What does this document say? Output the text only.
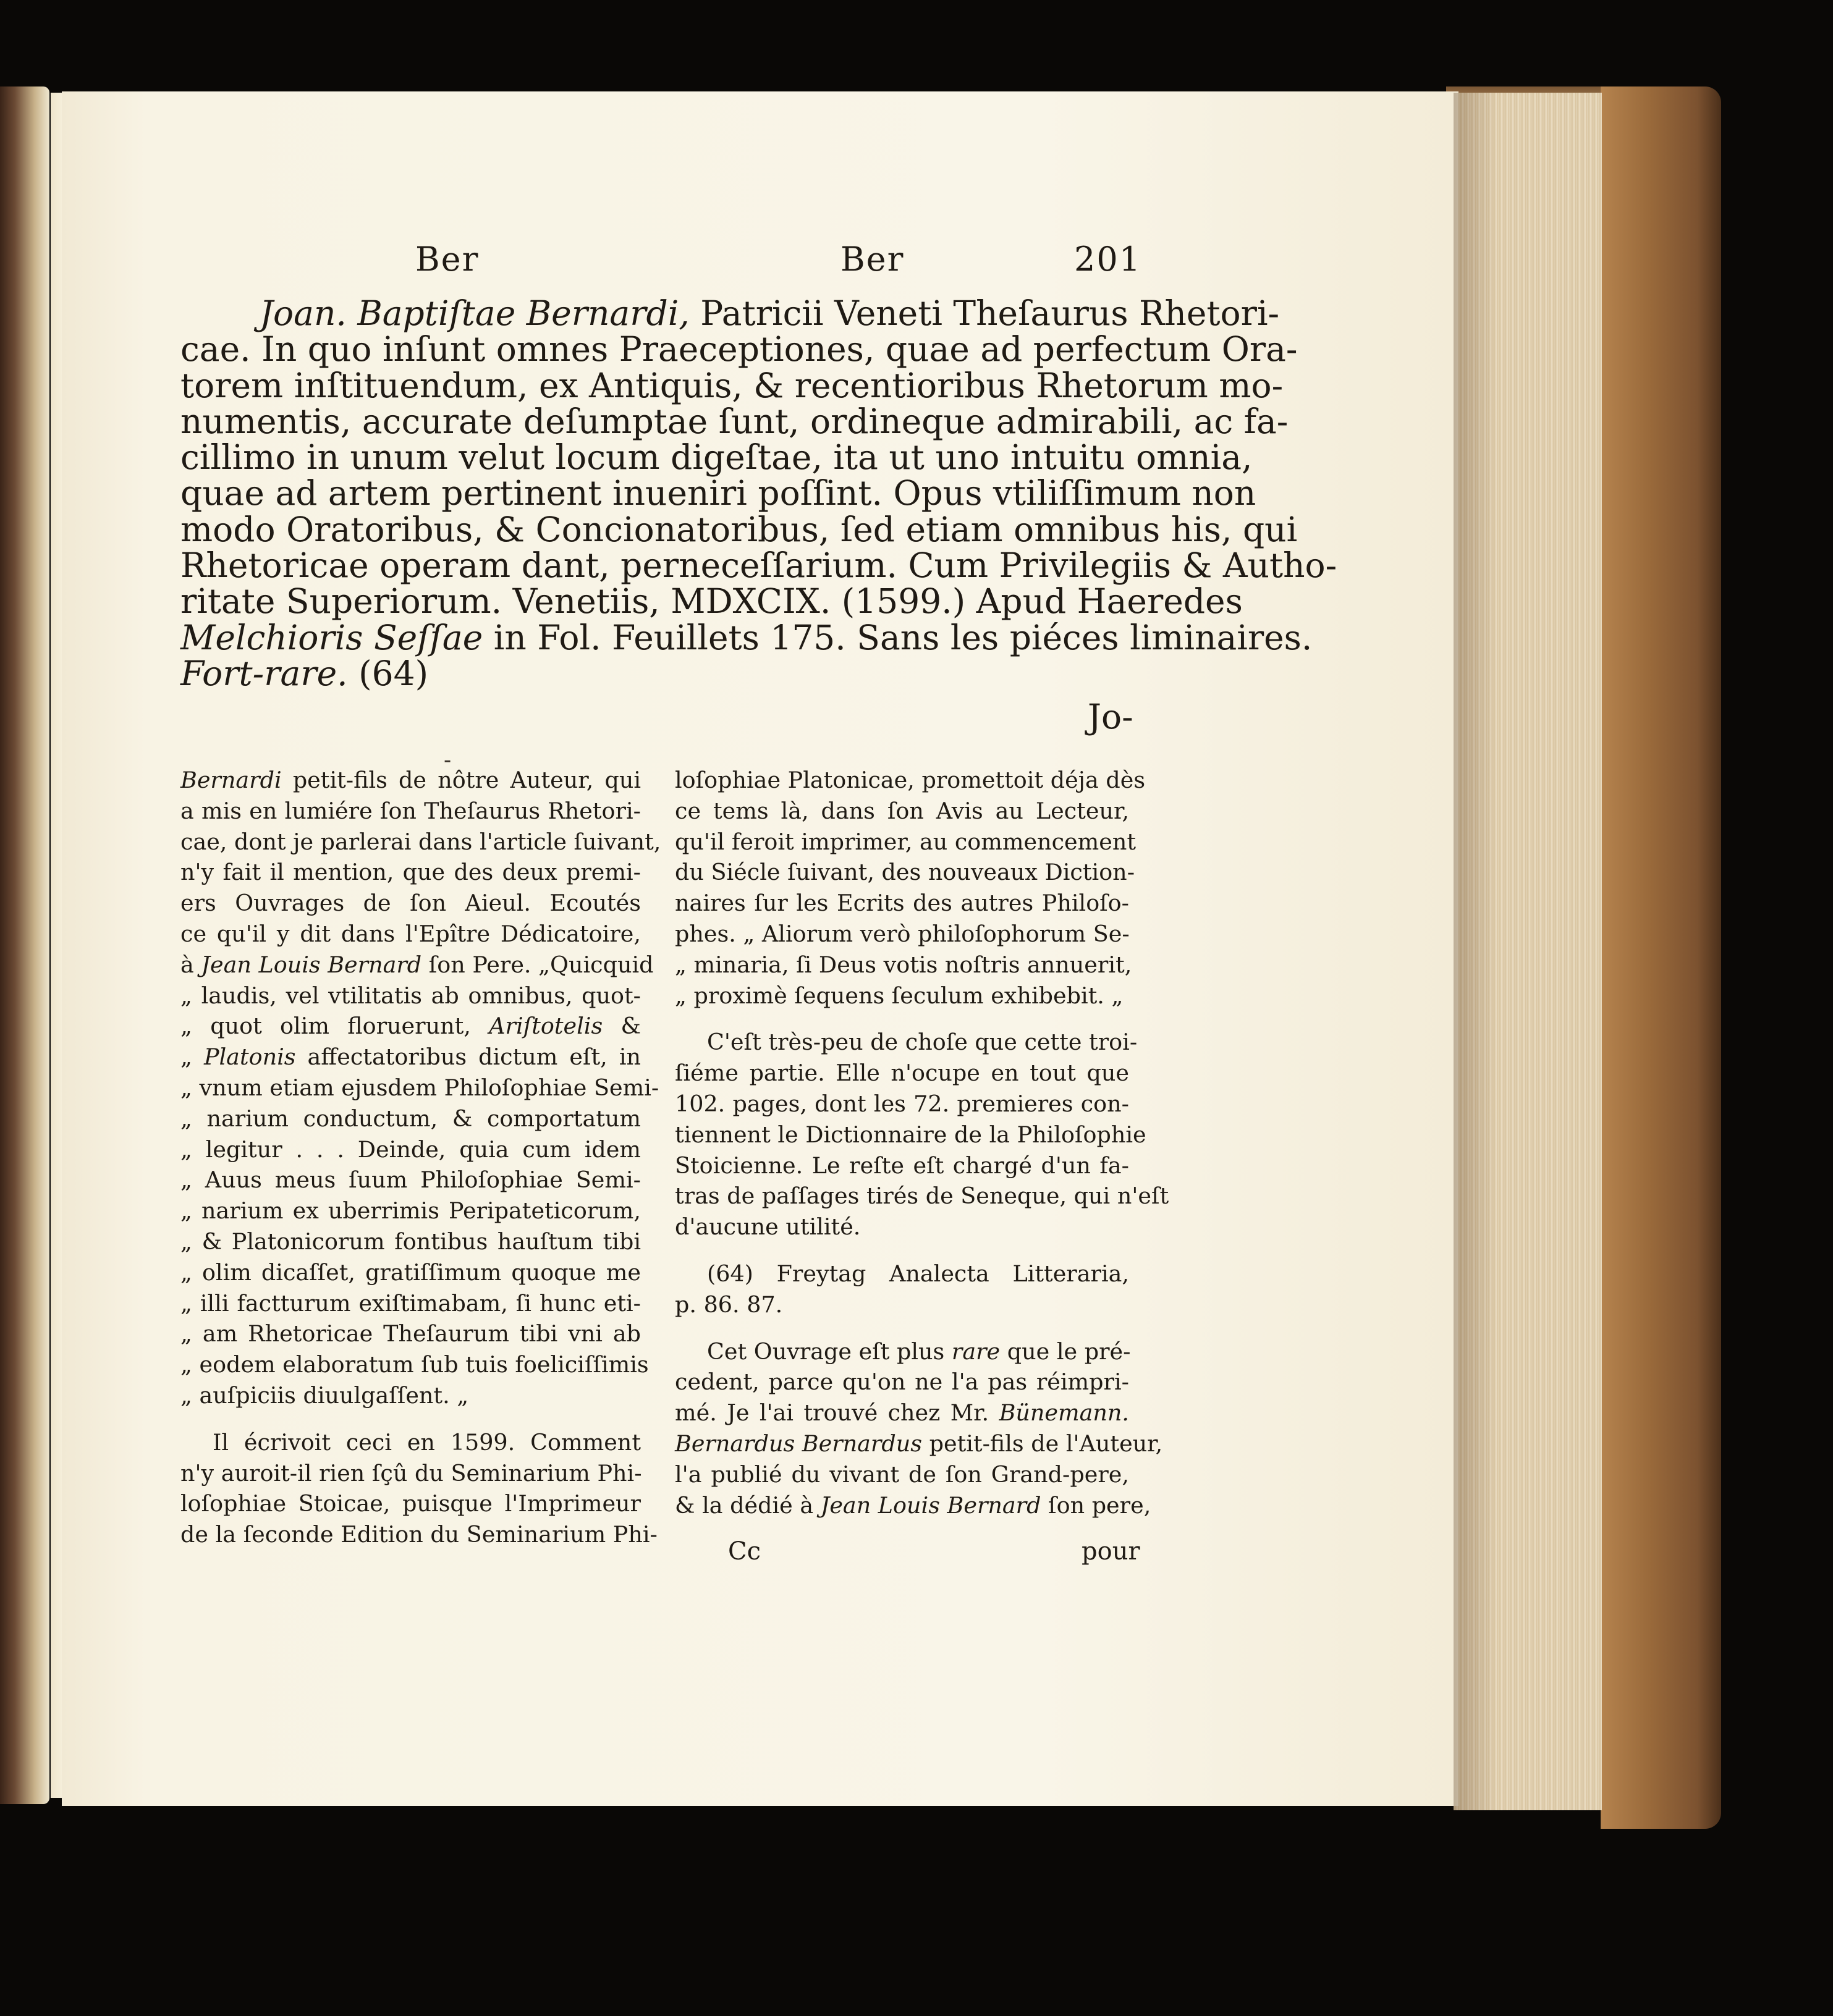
Ber	Ber	201
Joan. Baptiſtae Bernardi, Patricii Veneti Theſaurus Rhetori-
cae. In quo inſunt omnes Praeceptiones, quae ad perfectum Ora-
torem inſtituendum, ex Antiquis, & recentioribus Rhetorum mo-
numentis, accurate deſumptae ſunt, ordineque admirabili, ac fa-
cillimo in unum velut locum digeſtae, ita ut uno intuitu omnia,
quae ad artem pertinent inueniri poſſint. Opus vtiliſſimum non
modo Oratoribus, & Concionatoribus, ſed etiam omnibus his, qui
Rhetoricae operam dant, perneceſſarium. Cum Privilegiis & Autho-
ritate Superiorum. Venetiis, MDXCIX. (1599.) Apud Haeredes
Melchioris Seſſae in Fol. Feuillets 175. Sans les piéces liminaires.
Fort-rare. (64)
Jo-
-
Bernardi petit-fils de nôtre Auteur, qui
a mis en lumiére ſon Theſaurus Rhetori-
cae, dont je parlerai dans l'article ſuivant,
n'y fait il mention, que des deux premi-
ers Ouvrages de ſon Aieul. Ecoutés
ce qu'il y dit dans l'Epître Dédicatoire,
à Jean Louis Bernard ſon Pere. „Quicquid
„ laudis, vel vtilitatis ab omnibus, quot-
„ quot olim floruerunt, Ariſtotelis &
„ Platonis affectatoribus dictum eſt, in
„ vnum etiam ejusdem Philoſophiae Semi-
„ narium conductum, & comportatum
„ legitur . . . Deinde, quia cum idem
„ Auus meus ſuum Philoſophiae Semi-
„ narium ex uberrimis Peripateticorum,
„ & Platonicorum fontibus hauſtum tibi
„ olim dicaſſet, gratiſſimum quoque me
„ illi factturum exiſtimabam, ſi hunc eti-
„ am Rhetoricae Theſaurum tibi vni ab
„ eodem elaboratum ſub tuis foeliciſſimis
„ auſpiciis diuulgaſſent. „
Il écrivoit ceci en 1599. Comment
n'y auroit-il rien ſçû du Seminarium Phi-
loſophiae Stoicae, puisque l'Imprimeur
de la ſeconde Edition du Seminarium Phi-
loſophiae Platonicae, promettoit déja dès
ce tems là, dans ſon Avis au Lecteur,
qu'il feroit imprimer, au commencement
du Siécle ſuivant, des nouveaux Diction-
naires ſur les Ecrits des autres Philoſo-
phes. „ Aliorum verò philoſophorum Se-
„ minaria, ſi Deus votis noſtris annuerit,
„ proximè ſequens ſeculum exhibebit. „
C'eſt très-peu de choſe que cette troi-
ſiéme partie. Elle n'ocupe en tout que
102. pages, dont les 72. premieres con-
tiennent le Dictionnaire de la Philoſophie
Stoicienne. Le reſte eſt chargé d'un fa-
tras de paſſages tirés de Seneque, qui n'eſt
d'aucune utilité.
(64) Freytag Analecta Litteraria,
p. 86. 87.
Cet Ouvrage eſt plus rare que le pré-
cedent, parce qu'on ne l'a pas réimpri-
mé. Je l'ai trouvé chez Mr. Bünemann.
Bernardus Bernardus petit-fils de l'Auteur,
l'a publié du vivant de ſon Grand-pere,
& la dédié à Jean Louis Bernard ſon pere,
Cc	pour
